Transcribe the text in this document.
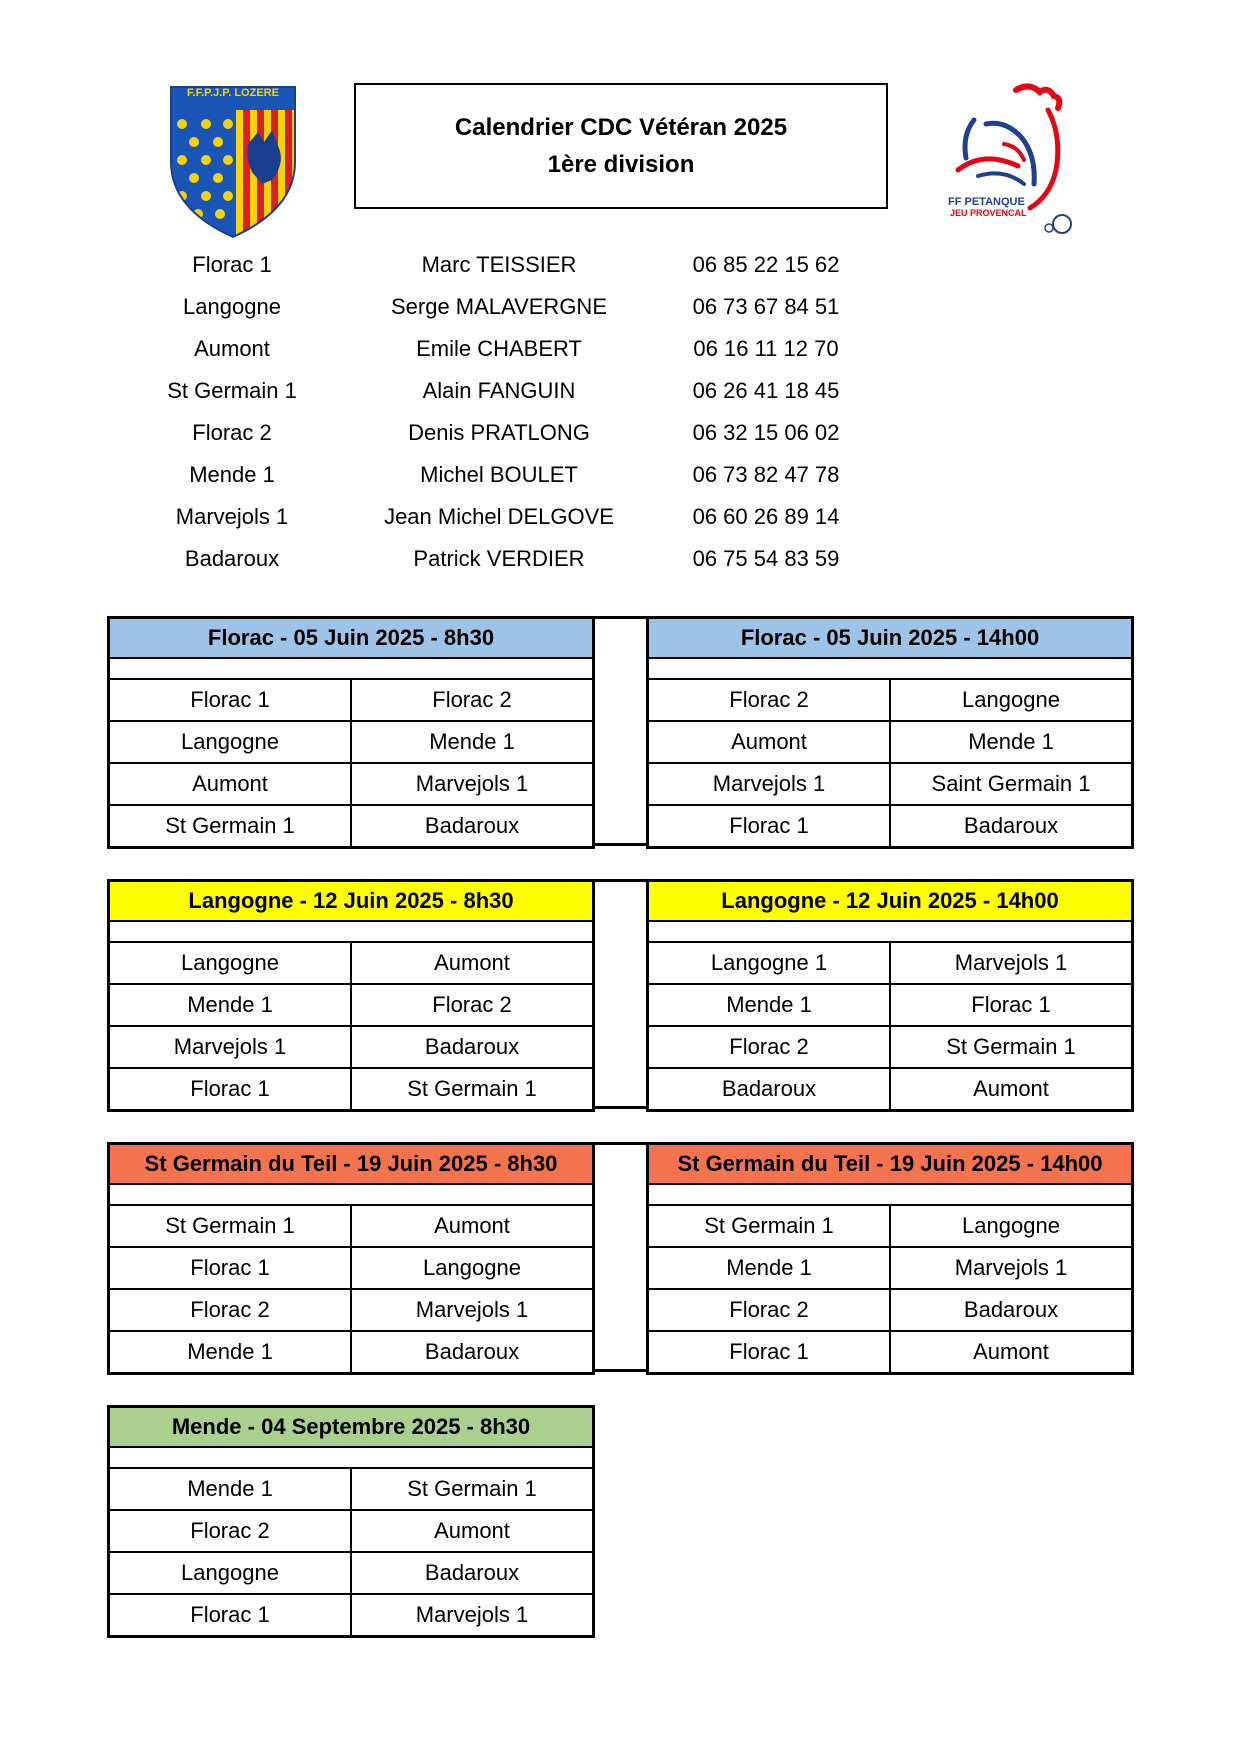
F.F.P.J.P. LOZERE
Calendrier CDC Vétéran 2025
1ère division
FF PETANQUE
JEU PROVENCAL
Florac 1	Marc TEISSIER	06 85 22 15 62
Langogne	Serge MALAVERGNE	06 73 67 84 51
Aumont	Emile CHABERT	06 16 11 12 70
St Germain 1	Alain FANGUIN	06 26 41 18 45
Florac 2	Denis PRATLONG	06 32 15 06 02
Mende 1	Michel BOULET	06 73 82 47 78
Marvejols 1	Jean Michel DELGOVE	06 60 26 89 14
Badaroux	Patrick VERDIER	06 75 54 83 59
Florac - 05 Juin 2025 - 8h30
Florac 1	Florac 2
Langogne	Mende 1
Aumont	Marvejols 1
St Germain 1	Badaroux
Florac - 05 Juin 2025 - 14h00
Florac 2	Langogne
Aumont	Mende 1
Marvejols 1	Saint Germain 1
Florac 1	Badaroux
Langogne - 12 Juin 2025 - 8h30
Langogne	Aumont
Mende 1	Florac 2
Marvejols 1	Badaroux
Florac 1	St Germain 1
Langogne - 12 Juin 2025 - 14h00
Langogne 1	Marvejols 1
Mende 1	Florac 1
Florac 2	St Germain 1
Badaroux	Aumont
St Germain du Teil - 19 Juin 2025 - 8h30
St Germain 1	Aumont
Florac 1	Langogne
Florac 2	Marvejols 1
Mende 1	Badaroux
St Germain du Teil - 19 Juin 2025 - 14h00
St Germain 1	Langogne
Mende 1	Marvejols 1
Florac 2	Badaroux
Florac 1	Aumont
Mende - 04 Septembre 2025 - 8h30
Mende 1	St Germain 1
Florac 2	Aumont
Langogne	Badaroux
Florac 1	Marvejols 1
